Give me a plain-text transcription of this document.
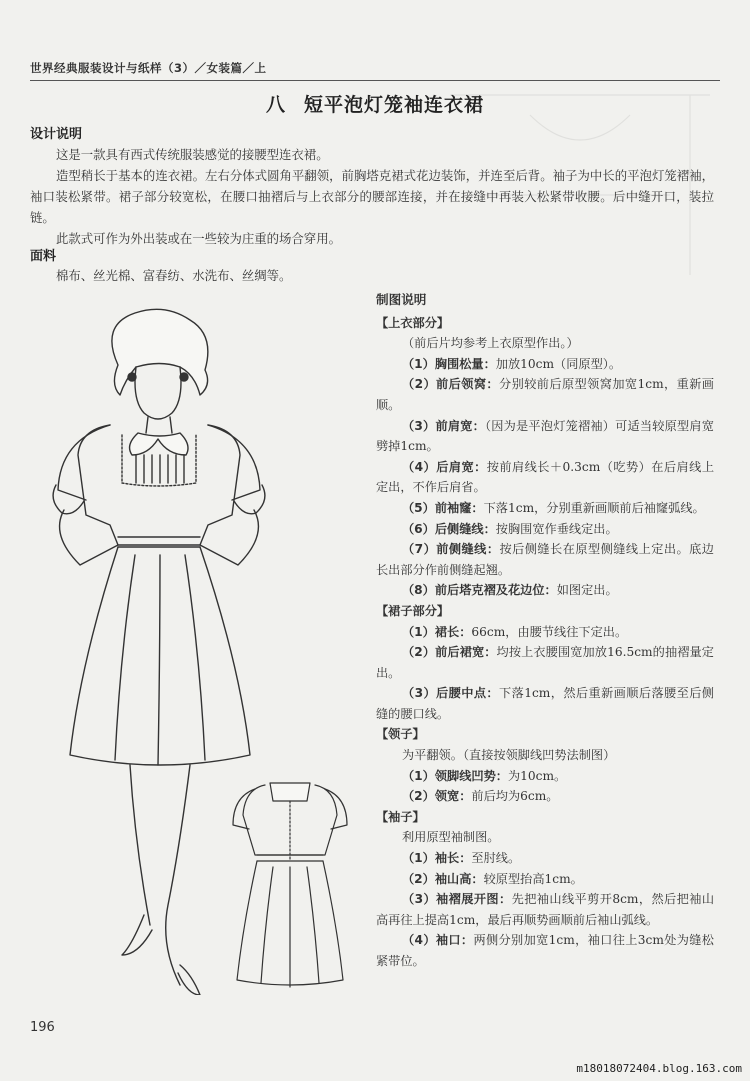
世界经典服装设计与纸样（3）／女装篇／上
八 短平泡灯笼袖连衣裙
设计说明

这是一款具有西式传统服装感觉的接腰型连衣裙。

造型稍长于基本的连衣裙。左右分体式圆角平翻领，前胸塔克裙式花边装饰，并连至后背。袖子为中长的平泡灯笼褶袖，袖口装松紧带。裙子部分较宽松，在腰口抽褶后与上衣部分的腰部连接，并在接缝中再装入松紧带收腰。后中缝开口，装拉链。

此款式可作为外出装或在一些较为庄重的场合穿用。

面料

棉布、丝光棉、富春纺、水洗布、丝绸等。

制图说明
【上衣部分】

（前后片均参考上衣原型作出。）

（1）胸围松量：加放10cm（同原型）。

（2）前后领窝：分别较前后原型领窝加宽1cm，重新画顺。

（3）前肩宽：（因为是平泡灯笼褶袖）可适当较原型肩宽劈掉1cm。

（4）后肩宽：按前肩线长＋0.3cm（吃势）在后肩线上定出，不作后肩省。

（5）前袖窿：下落1cm，分别重新画顺前后袖窿弧线。

（6）后侧缝线：按胸围宽作垂线定出。

（7）前侧缝线：按后侧缝长在原型侧缝线上定出。底边长出部分作前侧缝起翘。

（8）前后塔克褶及花边位：如图定出。

【裙子部分】

（1）裙长：66cm，由腰节线往下定出。

（2）前后裙宽：均按上衣腰围宽加放16.5cm的抽褶量定出。

（3）后腰中点：下落1cm，然后重新画顺后落腰至后侧缝的腰口线。

【领子】

为平翻领。（直接按领脚线凹势法制图）

（1）领脚线凹势：为10cm。

（2）领宽：前后均为6cm。

【袖子】

利用原型袖制图。

（1）袖长：至肘线。

（2）袖山高：较原型抬高1cm。

（3）袖褶展开图：先把袖山线平剪开8cm，然后把袖山高再往上提高1cm，最后再顺势画顺前后袖山弧线。

（4）袖口：两侧分别加宽1cm，袖口往上3cm处为缝松紧带位。

196
m18018072404.blog.163.com
